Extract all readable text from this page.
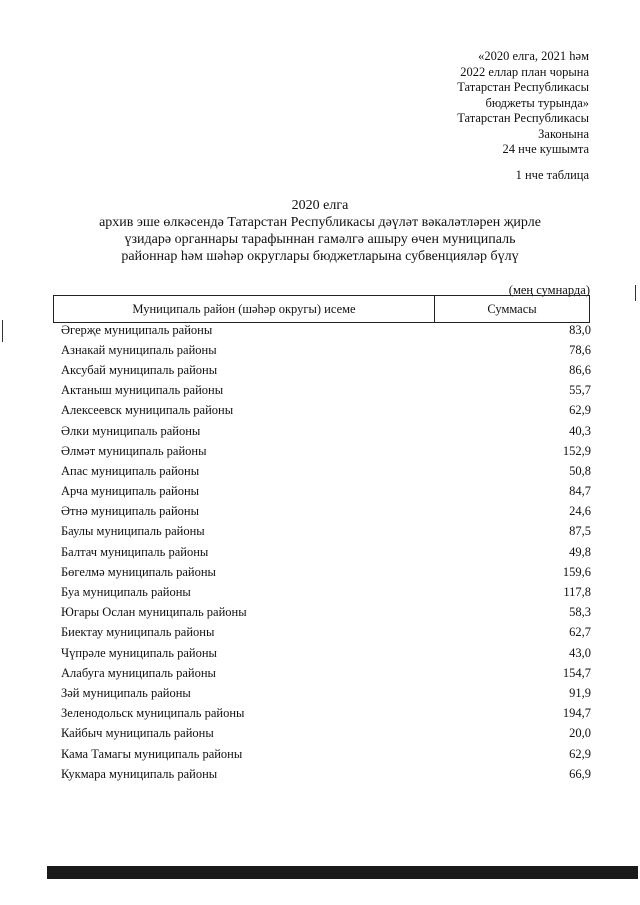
«2020 елга, 2021 һәм
2022 еллар план чорына
Татарстан Республикасы
бюджеты турында»
Татарстан Республикасы
Законына
24 нче кушымта
1 нче таблица
2020 елга
архив эше өлкәсендә Татарстан Республикасы дәүләт вәкаләтләрен җирле
үзидарә органнары тарафыннан гамәлгә ашыру өчен муниципаль
районнар һәм шәһәр округлары бюджетларына субвенцияләр бүлү
(мең сумнарда)
Муниципаль район (шәһәр округы) исеме	Суммасы
Әгерҗе муниципаль районы	83,0
Азнакай муниципаль районы	78,6
Аксубай муниципаль районы	86,6
Актаныш муниципаль районы	55,7
Алексеевск муниципаль районы	62,9
Әлки муниципаль районы	40,3
Әлмәт муниципаль районы	152,9
Апас муниципаль районы	50,8
Арча муниципаль районы	84,7
Әтнә муниципаль районы	24,6
Баулы муниципаль районы	87,5
Балтач муниципаль районы	49,8
Бөгелмә муниципаль районы	159,6
Буа муниципаль районы	117,8
Югары Ослан муниципаль районы	58,3
Биектау муниципаль районы	62,7
Чүпрәле муниципаль районы	43,0
Алабуга муниципаль районы	154,7
Зәй муниципаль районы	91,9
Зеленодольск муниципаль районы	194,7
Кайбыч муниципаль районы	20,0
Кама Тамагы муниципаль районы	62,9
Кукмара муниципаль районы	66,9
